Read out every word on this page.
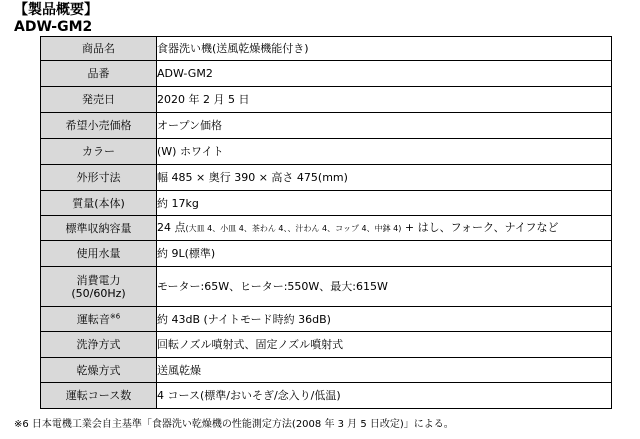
【製品概要】
ADW-GM2
商品名	食器洗い機(送風乾燥機能付き)
品番	ADW-GM2
発売日	2020 年 2 月 5 日
希望小売価格	オープン価格
カラー	(W) ホワイト
外形寸法	幅 485 × 奥行 390 × 高さ 475(mm)
質量(本体)	約 17kg
標準収納容量	24 点(大皿 4、小皿 4、茶わん 4、、汁わん 4、コップ 4、中鉢 4) + はし、フォーク、ナイフなど
使用水量	約 9L(標準)

消費電力
(50/60Hz)	モーター:65W、ヒーター:550W、最大:615W
運転音$^{※6}$	約 43dB (ナイトモード時約 36dB)
洗浄方式	回転ノズル噴射式、固定ノズル噴射式
乾燥方式	送風乾燥
運転コース数	4 コース(標準/おいそぎ/念入り/低温)
※6 日本電機工業会自主基準「食器洗い乾燥機の性能測定方法(2008 年 3 月 5 日改定)」による。
